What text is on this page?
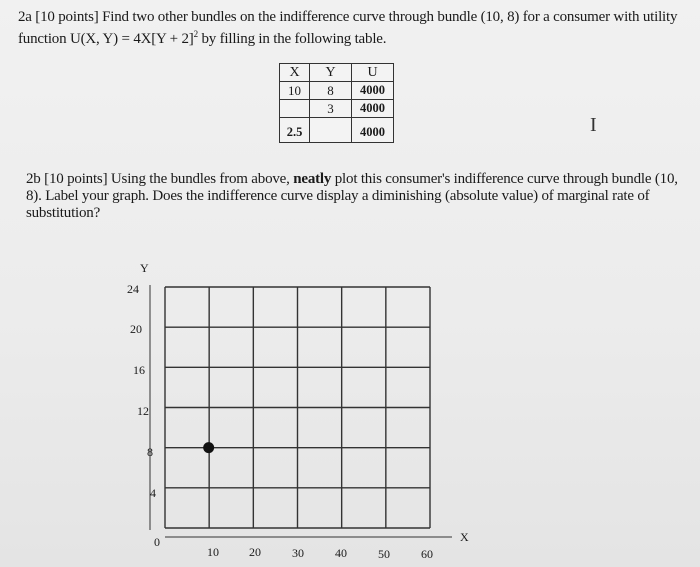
2a [10 points] Find two other bundles on the indifference curve through bundle (10, 8) for a consumer with utility function U(X, $Y) = 4X[Y + 2]^2$ by filling in the following table.
X	Y	U
10	8	4000
	3	4000
2.5		4000	I
2b [10 points] Using the bundles from above, neatly plot this consumer's indifference curve through bundle (10, 8). Label your graph. Does the indifference curve display a diminishing (absolute value) of marginal rate of substitution?
24
20
16
12
8
4
0
10	20	30	40	50	60
Y
X
